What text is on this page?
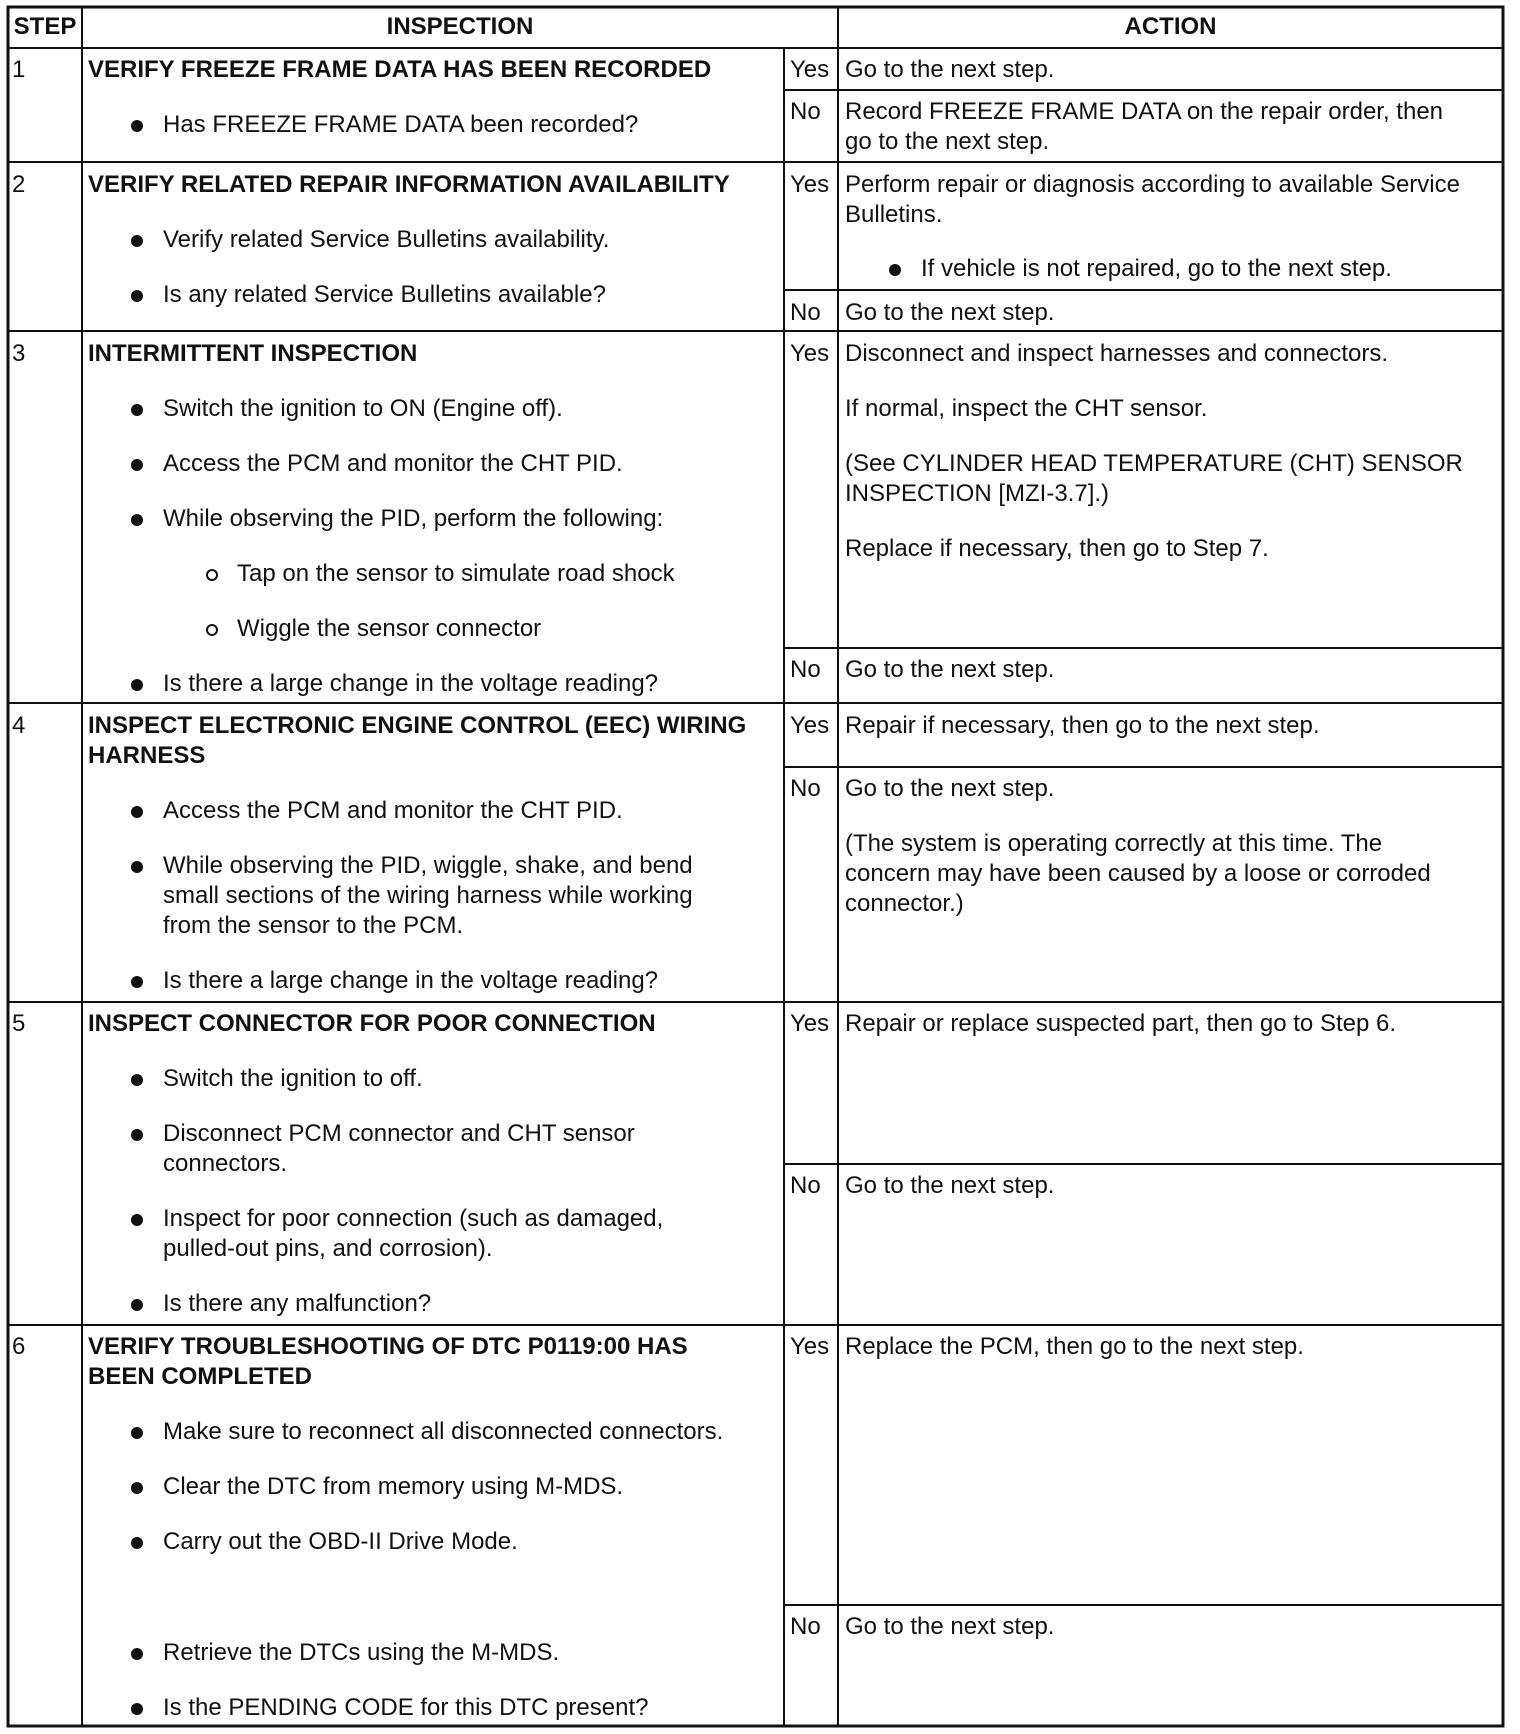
STEP	INSPECTION	ACTION
1	VERIFY FREEZE FRAME DATA HAS BEEN RECORDED
Has FREEZE FRAME DATA been recorded?
Yes Go to the next step.
No Record FREEZE FRAME DATA on the repair order, then
go to the next step.
2	VERIFY RELATED REPAIR INFORMATION AVAILABILITY
Verify related Service Bulletins availability.
Is any related Service Bulletins available?
Yes Perform repair or diagnosis according to available Service
Bulletins.
If vehicle is not repaired, go to the next step.
No Go to the next step.
3	INTERMITTENT INSPECTION
Switch the ignition to ON (Engine off).
Access the PCM and monitor the CHT PID.
While observing the PID, perform the following:
Tap on the sensor to simulate road shock
Wiggle the sensor connector
Is there a large change in the voltage reading?
Yes Disconnect and inspect harnesses and connectors.
If normal, inspect the CHT sensor.
(See CYLINDER HEAD TEMPERATURE (CHT) SENSOR
INSPECTION [MZI-3.7].)
Replace if necessary, then go to Step 7.
No Go to the next step.
4	INSPECT ELECTRONIC ENGINE CONTROL (EEC) WIRING
HARNESS
Access the PCM and monitor the CHT PID.
While observing the PID, wiggle, shake, and bend
small sections of the wiring harness while working
from the sensor to the PCM.
Is there a large change in the voltage reading?
Yes Repair if necessary, then go to the next step.
No Go to the next step.
(The system is operating correctly at this time. The
concern may have been caused by a loose or corroded
connector.)
5	INSPECT CONNECTOR FOR POOR CONNECTION
Switch the ignition to off.
Disconnect PCM connector and CHT sensor
connectors.
Inspect for poor connection (such as damaged,
pulled-out pins, and corrosion).
Is there any malfunction?
Yes Repair or replace suspected part, then go to Step 6.
No Go to the next step.
6	VERIFY TROUBLESHOOTING OF DTC P0119:00 HAS
BEEN COMPLETED
Make sure to reconnect all disconnected connectors.
Clear the DTC from memory using M-MDS.
Carry out the OBD-II Drive Mode.
Retrieve the DTCs using the M-MDS.
Is the PENDING CODE for this DTC present?
Yes Replace the PCM, then go to the next step.
No Go to the next step.
